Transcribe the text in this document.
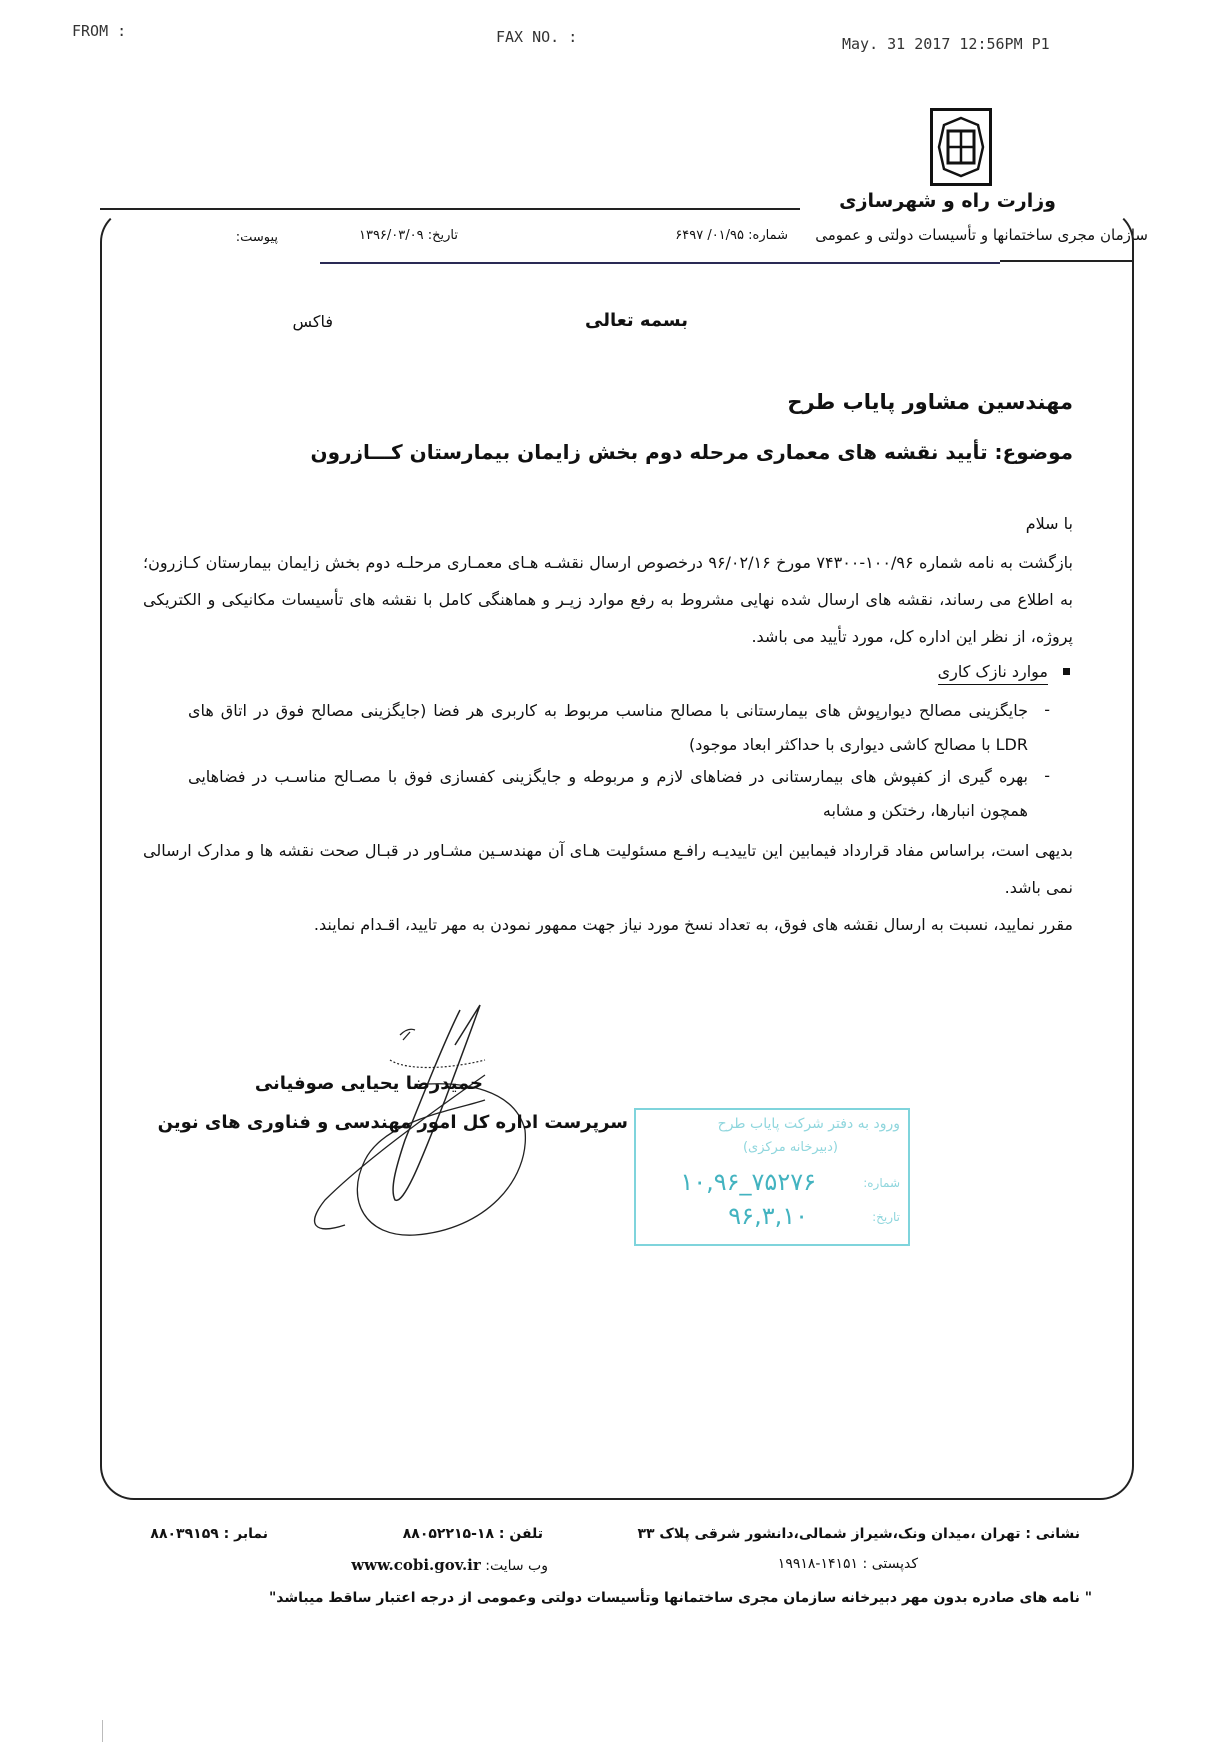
FROM :	FAX NO. :	May. 31 2017 12:56PM P1
وزارت راه و شهرسازی
سازمان مجری ساختمانها و تأسیسات دولتی و عمومی
شماره: ۰۱/۹۵/ ۶۴۹۷
تاریخ: ۱۳۹۶/۰۳/۰۹
پیوست:
بسمه تعالی
فاکس
مهندسین مشاور پایاب طرح
موضوع: تأیید نقشه های معماری مرحله دوم بخش زایمان بیمارستان کـــازرون
با سلام
بازگشت به نامه شماره ۱۰۰/۹۶-۷۴۳۰۰ مورخ ۹۶/۰۲/۱۶ درخصوص ارسال نقشـه هـای معمـاری مرحلـه دوم بخش زایمان بیمارستان کـازرون؛ به اطلاع می رساند، نقشه های ارسال شده نهایی مشروط به رفع موارد زیـر و هماهنگی کامل با نقشه های تأسیسات مکانیکی و الکتریکی پروژه، از نظر این اداره کل، مورد تأیید می باشد.
موارد نازک کاری
-
جایگزینی مصالح دیوارپوش های بیمارستانی با مصالح مناسب مربوط به کاربری هر فضا (جایگزینی مصالح فوق در اتاق های LDR با مصالح کاشی دیواری با حداکثر ابعاد موجود)
-
بهره گیری از کفپوش های بیمارستانی در فضاهای لازم و مربوطه و جایگزینی کفسازی فوق با مصـالح مناسـب در فضاهایی همچون انبارها، رختکن و مشابه
بدیهی است، براساس مفاد قرارداد فیمابین این تاییدیـه رافـع مسئولیت هـای آن مهندسـین مشـاور در قبـال صحت نقشه ها و مدارک ارسالی نمی باشد.
مقرر نمایید، نسبت به ارسال نقشه های فوق، به تعداد نسخ مورد نیاز جهت ممهور نمودن به مهر تایید، اقـدام نمایند.
حمیدرضا یحیایی صوفیانی
سرپرست اداره کل امور مهندسی و فناوری های نوین	ورود به دفتر شرکت پایاب طرح
(دبیرخانه مرکزی)
شماره:
۱۰,۹۶_۷۵۲۷۶
تاریخ:
۹۶,۳,۱۰
نشانی : تهران ،میدان ونک،شیراز شمالی،دانشور شرقی پلاک ۳۳
تلفن : ۱۸-۸۸۰۵۲۲۱۵
نمابر : ۸۸۰۳۹۱۵۹
کدپستی : ۱۴۱۵۱-۱۹۹۱۸
وب سایت: www.cobi.gov.ir
" نامه های صادره بدون مهر دبیرخانه سازمان مجری ساختمانها وتأسیسات دولتی وعمومی از درجه اعتبار ساقط میباشد"
